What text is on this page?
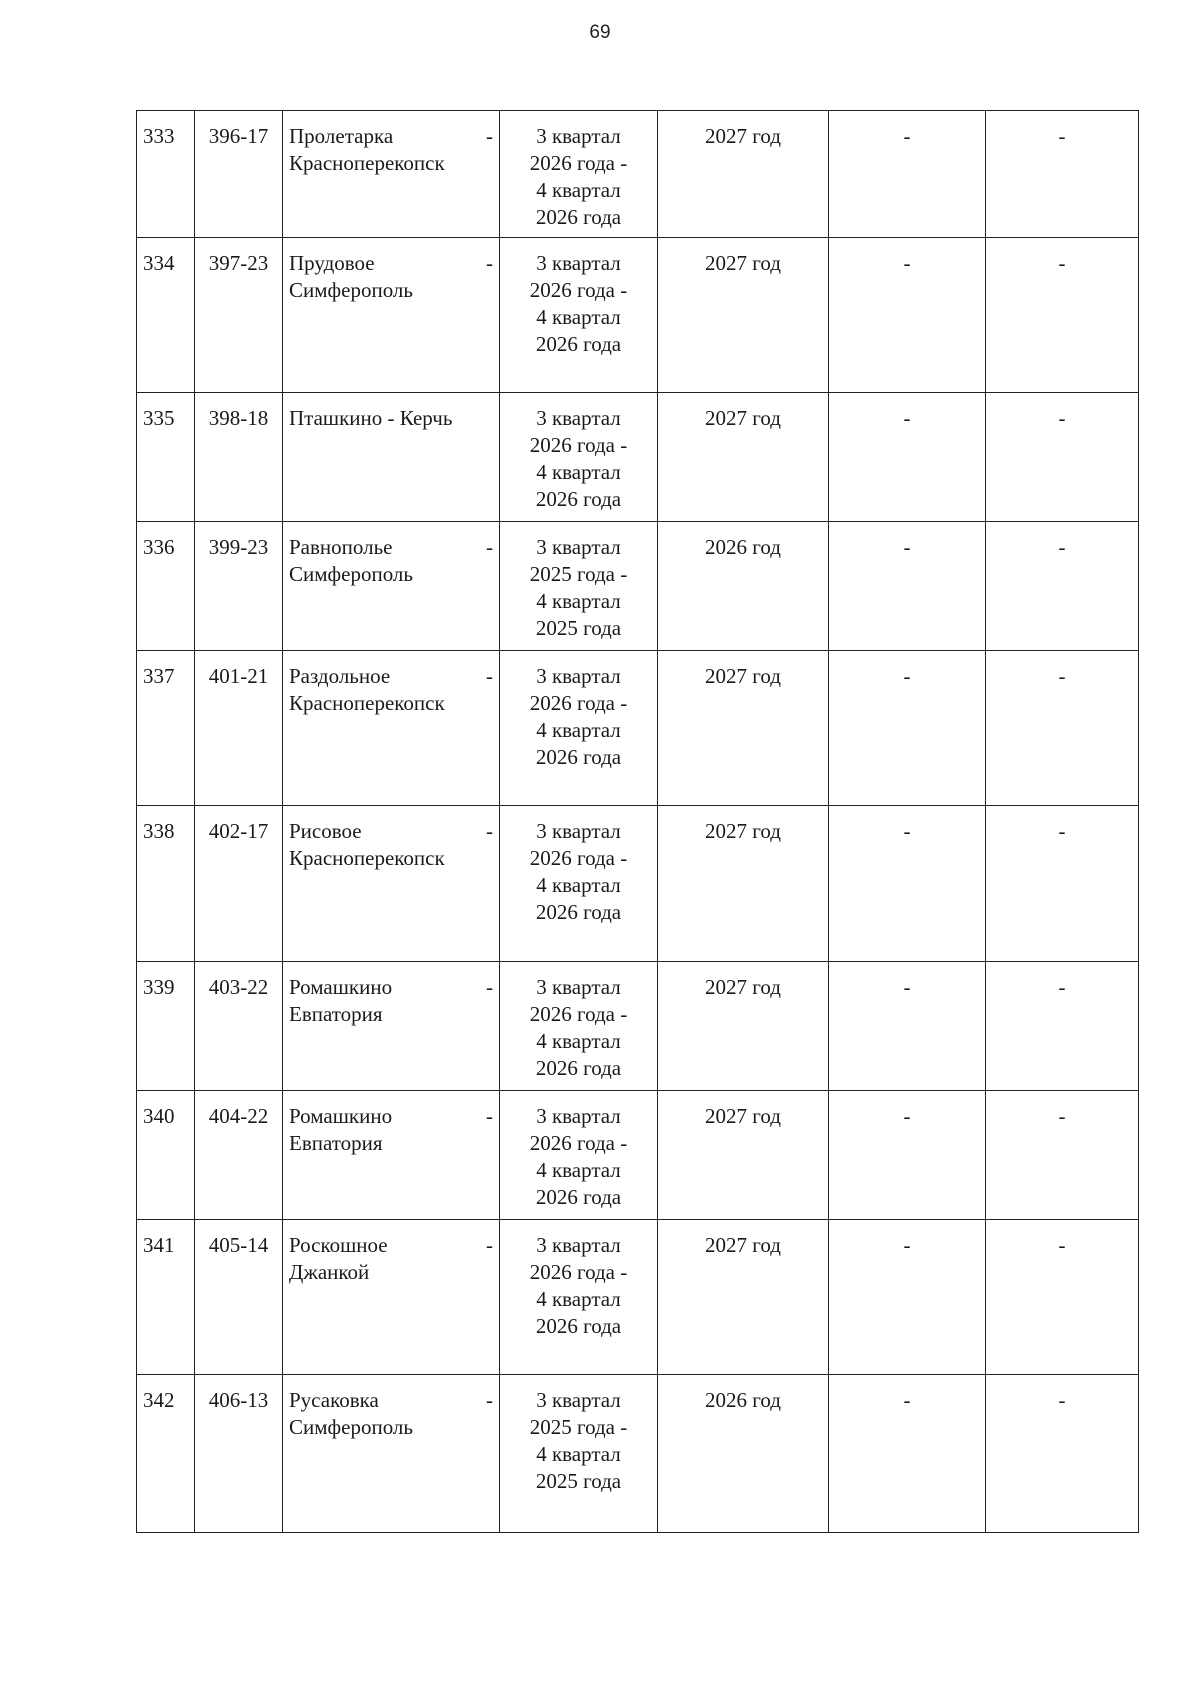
69
333	396-17	Пролетарка -
Красноперекопск	3 квартал
2026 года -
4 квартал
2026 года	2027 год	-	-
334	397-23	Прудовое -
Симферополь	3 квартал
2026 года -
4 квартал
2026 года	2027 год	-	-
335	398-18	Пташкино - Керчь	3 квартал
2026 года -
4 квартал
2026 года	2027 год	-	-
336	399-23	Равнополье -
Симферополь	3 квартал
2025 года -
4 квартал
2025 года	2026 год	-	-
337	401-21	Раздольное -
Красноперекопск	3 квартал
2026 года -
4 квартал
2026 года	2027 год	-	-
338	402-17	Рисовое -
Красноперекопск	3 квартал
2026 года -
4 квартал
2026 года	2027 год	-	-
339	403-22	Ромашкино -
Евпатория	3 квартал
2026 года -
4 квартал
2026 года	2027 год	-	-
340	404-22	Ромашкино -
Евпатория	3 квартал
2026 года -
4 квартал
2026 года	2027 год	-	-
341	405-14	Роскошное -
Джанкой	3 квартал
2026 года -
4 квартал
2026 года	2027 год	-	-
342	406-13	Русаковка -
Симферополь	3 квартал
2025 года -
4 квартал
2025 года	2026 год	-	-
